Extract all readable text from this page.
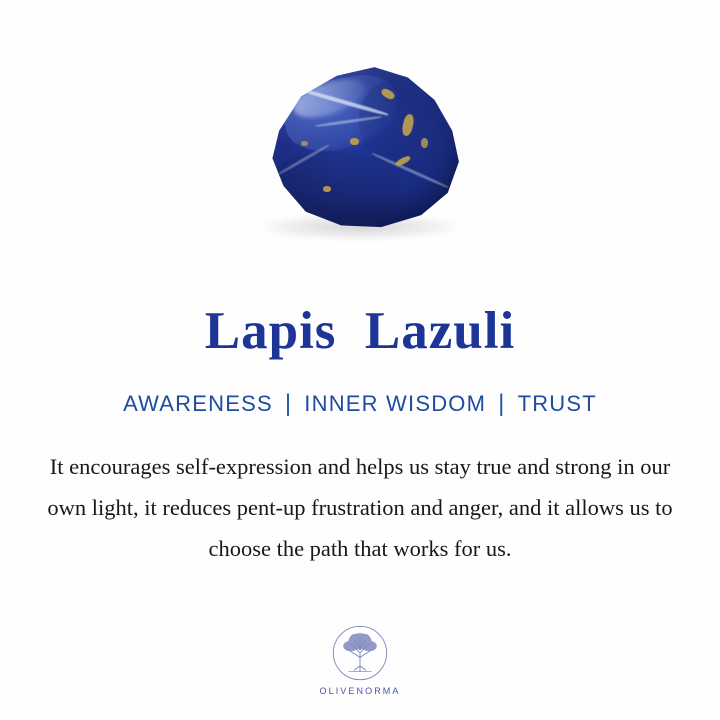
Lapis  Lazuli
AWARENESS | INNER WISDOM | TRUST
It encourages self-expression and helps us stay true and strong in our own light, it reduces pent-up frustration and anger, and it allows us to choose the path that works for us.
OLIVENORMA
